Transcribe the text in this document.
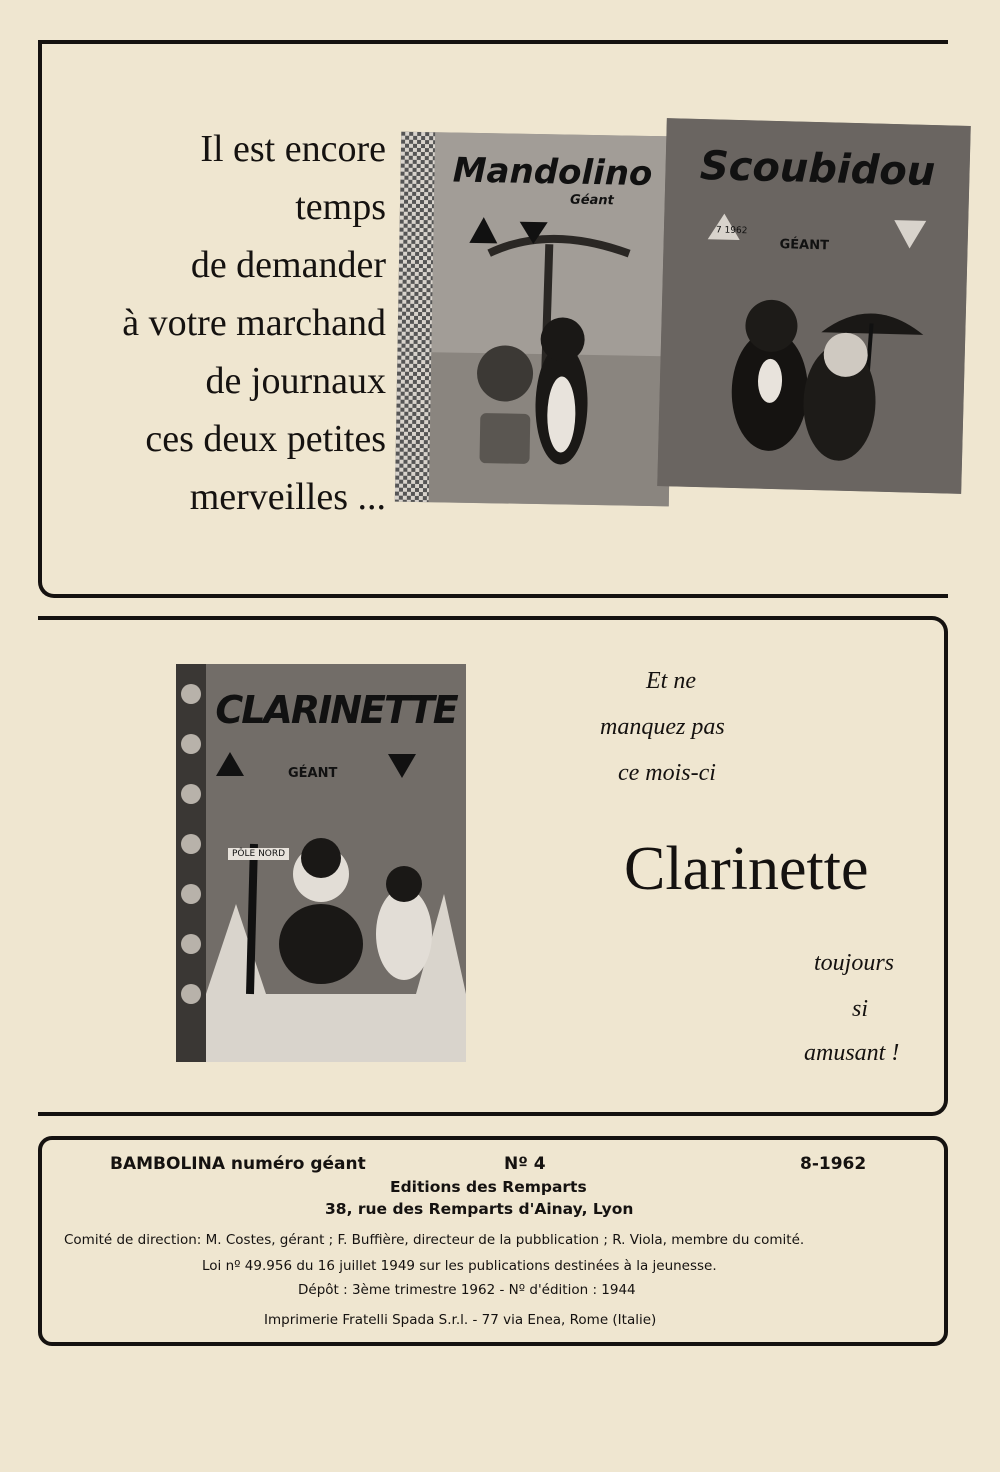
Il est encore
temps
de demander
à votre marchand
de journaux
ces deux petites
merveilles ...
Mandolino
Géant
Scoubidou
GÉANT
7 1962
CLARINETTE
GÉANT
PÔLE NORD
Et ne
manquez pas
ce mois-ci
Clarinette
toujours
si
amusant !
BAMBOLINA numéro géant	Nº 4	8-1962
Editions des Remparts
38, rue des Remparts d'Ainay, Lyon
Comité de direction: M. Costes, gérant ; F. Buffière, directeur de la pubblication ; R. Viola, membre du comité.
Loi nº 49.956 du 16 juillet 1949 sur les publications destinées à la jeunesse.
Dépôt : 3ème trimestre 1962 - Nº d'édition : 1944
Imprimerie Fratelli Spada S.r.l. - 77 via Enea, Rome (Italie)
